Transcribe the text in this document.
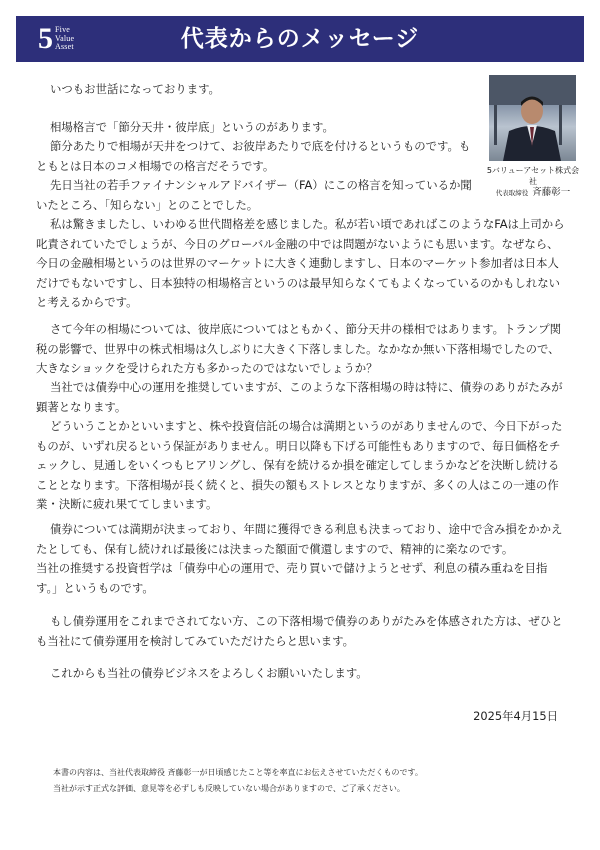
5 Five
Value
Asset	代表からのメッセージ
5バリューアセット株式会社
代表取締役 斉藤彰一

いつもお世話になっております。

相場格言で「節分天井・彼岸底」というのがあります。

節分あたりで相場が天井をつけて、お彼岸あたりで底を付けるというものです。もともとは日本のコメ相場での格言だそうです。

先日当社の若手ファイナンシャルアドバイザー（FA）にこの格言を知っているか聞いたところ、「知らない」とのことでした。

私は驚きましたし、いわゆる世代間格差を感じました。私が若い頃であればこのようなFAは上司から叱責されていたでしょうが、今日のグローバル金融の中では問題がないようにも思います。なぜなら、今日の金融相場というのは世界のマーケットに大きく連動しますし、日本のマーケット参加者は日本人だけでもないですし、日本独特の相場格言というのは最早知らなくてもよくなっているのかもしれないと考えるからです。

さて今年の相場については、彼岸底についてはともかく、節分天井の様相ではあります。トランプ関税の影響で、世界中の株式相場は久しぶりに大きく下落しました。なかなか無い下落相場でしたので、大きなショックを受けられた方も多かったのではないでしょうか？

当社では債券中心の運用を推奨していますが、このような下落相場の時は特に、債券のありがたみが顕著となります。

どういうことかといいますと、株や投資信託の場合は満期というのがありませんので、今日下がったものが、いずれ戻るという保証がありません。明日以降も下げる可能性もありますので、毎日価格をチェックし、見通しをいくつもヒアリングし、保有を続けるか損を確定してしまうかなどを決断し続けることとなります。下落相場が長く続くと、損失の額もストレスとなりますが、多くの人はこの一連の作業・決断に疲れ果ててしまいます。

債券については満期が決まっており、年間に獲得できる利息も決まっており、途中で含み損をかかえたとしても、保有し続ければ最後には決まった額面で償還しますので、精神的に楽なのです。

当社の推奨する投資哲学は「債券中心の運用で、売り買いで儲けようとせず、利息の積み重ねを目指す。」というものです。

もし債券運用をこれまでされてない方、この下落相場で債券のありがたみを体感された方は、ぜひとも当社にて債券運用を検討してみていただけたらと思います。

これからも当社の債券ビジネスをよろしくお願いいたします。

2025年4月15日
本書の内容は、当社代表取締役 斉藤彰一が日頃感じたこと等を率直にお伝えさせていただくものです。
当社が示す正式な評価、意見等を必ずしも反映していない場合がありますので、ご了承ください。
